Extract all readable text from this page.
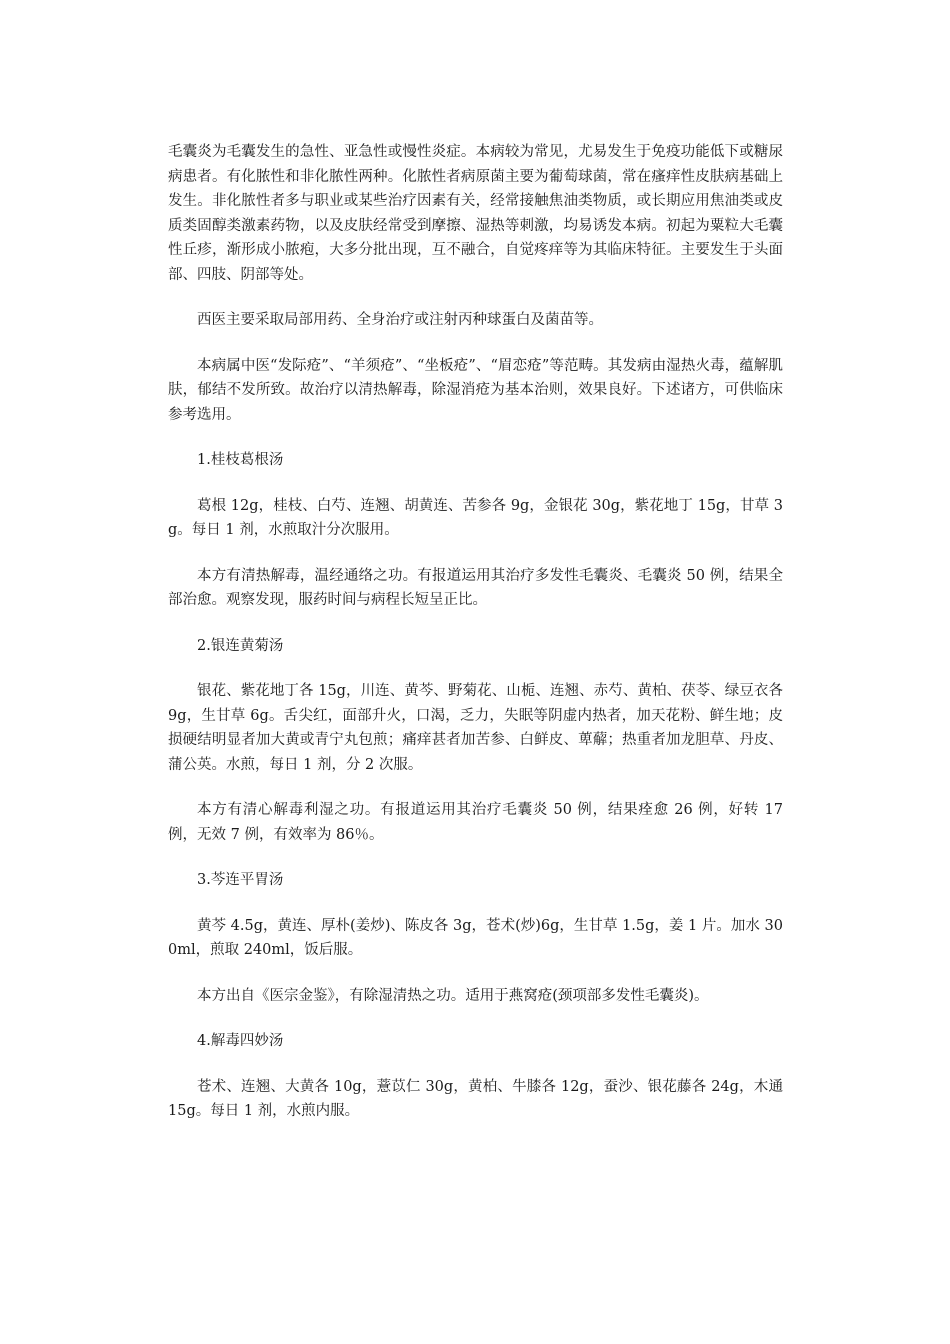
毛囊炎为毛囊发生的急性、亚急性或慢性炎症。本病较为常见，尤易发生于免疫功能低下或糖尿病患者。有化脓性和非化脓性两种。化脓性者病原菌主要为葡萄球菌，常在瘙痒性皮肤病基础上发生。非化脓性者多与职业或某些治疗因素有关，经常接触焦油类物质，或长期应用焦油类或皮质类固醇类激素药物，以及皮肤经常受到摩擦、湿热等刺激，均易诱发本病。初起为粟粒大毛囊性丘疹，渐形成小脓疱，大多分批出现，互不融合，自觉疼痒等为其临床特征。主要发生于头面部、四肢、阴部等处。

西医主要采取局部用药、全身治疗或注射丙种球蛋白及菌苗等。

本病属中医“发际疮”、“羊须疮”、“坐板疮”、“眉恋疮”等范畴。其发病由湿热火毒，蕴解肌肤，郁结不发所致。故治疗以清热解毒，除湿消疮为基本治则，效果良好。下述诸方，可供临床参考选用。

1.桂枝葛根汤

葛根 12g，桂枝、白芍、连翘、胡黄连、苦参各 9g，金银花 30g，紫花地丁 15g，甘草 3g。每日 1 剂，水煎取汁分次服用。

本方有清热解毒，温经通络之功。有报道运用其治疗多发性毛囊炎、毛囊炎 50 例，结果全部治愈。观察发现，服药时间与病程长短呈正比。

2.银连黄菊汤

银花、紫花地丁各 15g，川连、黄芩、野菊花、山栀、连翘、赤芍、黄柏、茯苓、绿豆衣各 9g，生甘草 6g。舌尖红，面部升火，口渴，乏力，失眠等阴虚内热者，加天花粉、鲜生地；皮损硬结明显者加大黄或青宁丸包煎；痛痒甚者加苦参、白鲜皮、萆薢；热重者加龙胆草、丹皮、蒲公英。水煎，每日 1 剂，分 2 次服。

本方有清心解毒利湿之功。有报道运用其治疗毛囊炎 50 例，结果痊愈 26 例，好转 17 例，无效 7 例，有效率为 86％。

3.芩连平胃汤

黄芩 4.5g，黄连、厚朴(姜炒)、陈皮各 3g，苍术(炒)6g，生甘草 1.5g，姜 1 片。加水 300ml，煎取 240ml，饭后服。

本方出自《医宗金鉴》，有除湿清热之功。适用于燕窝疮(颈项部多发性毛囊炎)。

4.解毒四妙汤

苍术、连翘、大黄各 10g，薏苡仁 30g，黄柏、牛膝各 12g，蚕沙、银花藤各 24g，木通 15g。每日 1 剂，水煎内服。
